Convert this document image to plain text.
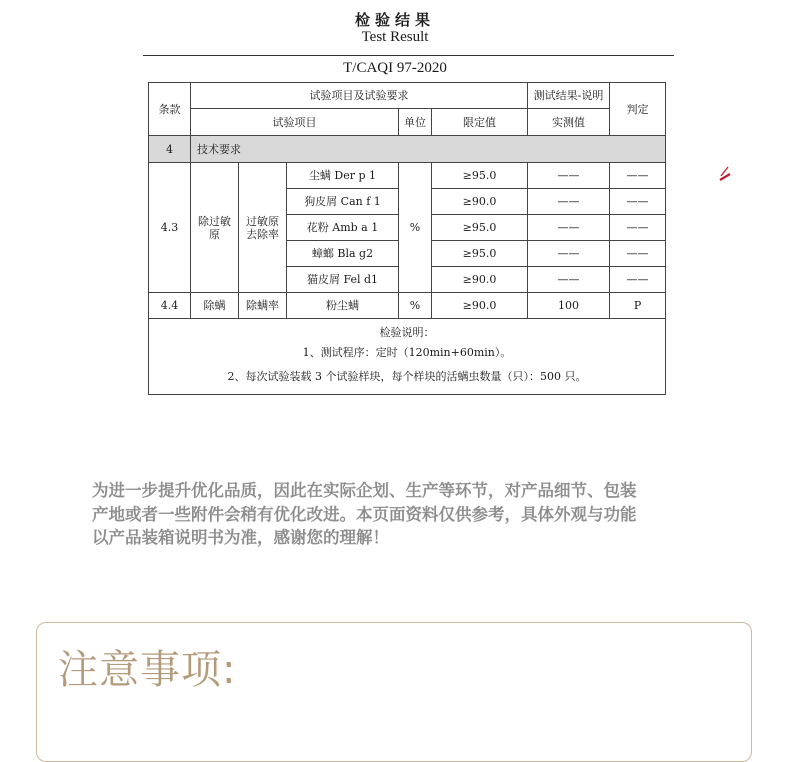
检验结果
Test Result
T/CAQI 97-2020
条款	试验项目及试验要求					测试结果-说明	判定
	试验项目			单位	限定值	实测值	
4	技术要求						
4.3	除过敏原	过敏原去除率	尘螨 Der p 1	%	≥95.0	——	——
			狗皮屑 Can f 1		≥90.0	——	——
			花粉 Amb a 1		≥95.0	——	——
			蟑螂 Bla g2		≥95.0	——	——
			猫皮屑 Fel d1		≥90.0	——	——
4.4	除螨	除螨率	粉尘螨	%	≥90.0	100	P

检验说明：
1、测试程序：定时（120min+60min）。
2、每次试验装载 3 个试验样块，每个样块的活螨虫数量（只）：500 只。							
为进一步提升优化品质，因此在实际企划、生产等环节，对产品细节、包装
产地或者一些附件会稍有优化改进。本页面资料仅供参考，具体外观与功能
以产品装箱说明书为准，感谢您的理解！
注意事项:
